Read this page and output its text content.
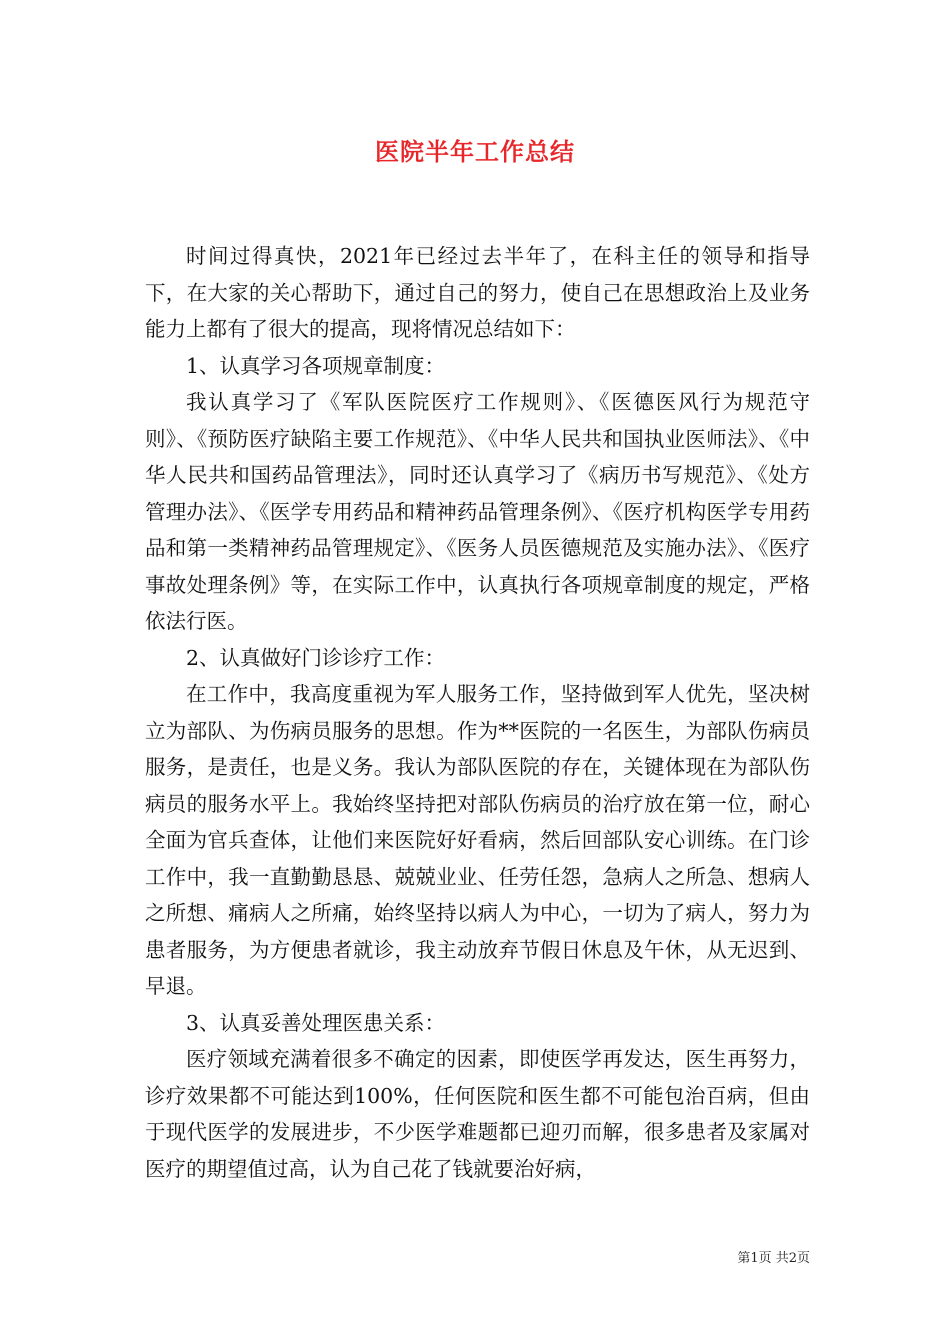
医院半年工作总结

时间过得真快，2021年已经过去半年了，在科主任的领导和指导下，在大家的关心帮助下，通过自己的努力，使自己在思想政治上及业务能力上都有了很大的提高，现将情况总结如下：

1、认真学习各项规章制度：

我认真学习了《军队医院医疗工作规则》、《医德医风行为规范守则》、《预防医疗缺陷主要工作规范》、《中华人民共和国执业医师法》、《中华人民共和国药品管理法》，同时还认真学习了《病历书写规范》、《处方管理办法》、《医学专用药品和精神药品管理条例》、《医疗机构医学专用药品和第一类精神药品管理规定》、《医务人员医德规范及实施办法》、《医疗事故处理条例》等，在实际工作中，认真执行各项规章制度的规定，严格依法行医。

2、认真做好门诊诊疗工作：

在工作中，我高度重视为军人服务工作，坚持做到军人优先，坚决树立为部队、为伤病员服务的思想。作为**医院的一名医生，为部队伤病员服务，是责任，也是义务。我认为部队医院的存在，关键体现在为部队伤病员的服务水平上。我始终坚持把对部队伤病员的治疗放在第一位，耐心全面为官兵查体，让他们来医院好好看病，然后回部队安心训练。在门诊工作中，我一直勤勤恳恳、兢兢业业、任劳任怨，急病人之所急、想病人之所想、痛病人之所痛，始终坚持以病人为中心，一切为了病人，努力为患者服务，为方便患者就诊，我主动放弃节假日休息及午休，从无迟到、早退。

3、认真妥善处理医患关系：

医疗领域充满着很多不确定的因素，即使医学再发达，医生再努力，诊疗效果都不可能达到100%，任何医院和医生都不可能包治百病，但由于现代医学的发展进步，不少医学难题都已迎刃而解，很多患者及家属对医疗的期望值过高，认为自己花了钱就要治好病，

第1页 共2页
